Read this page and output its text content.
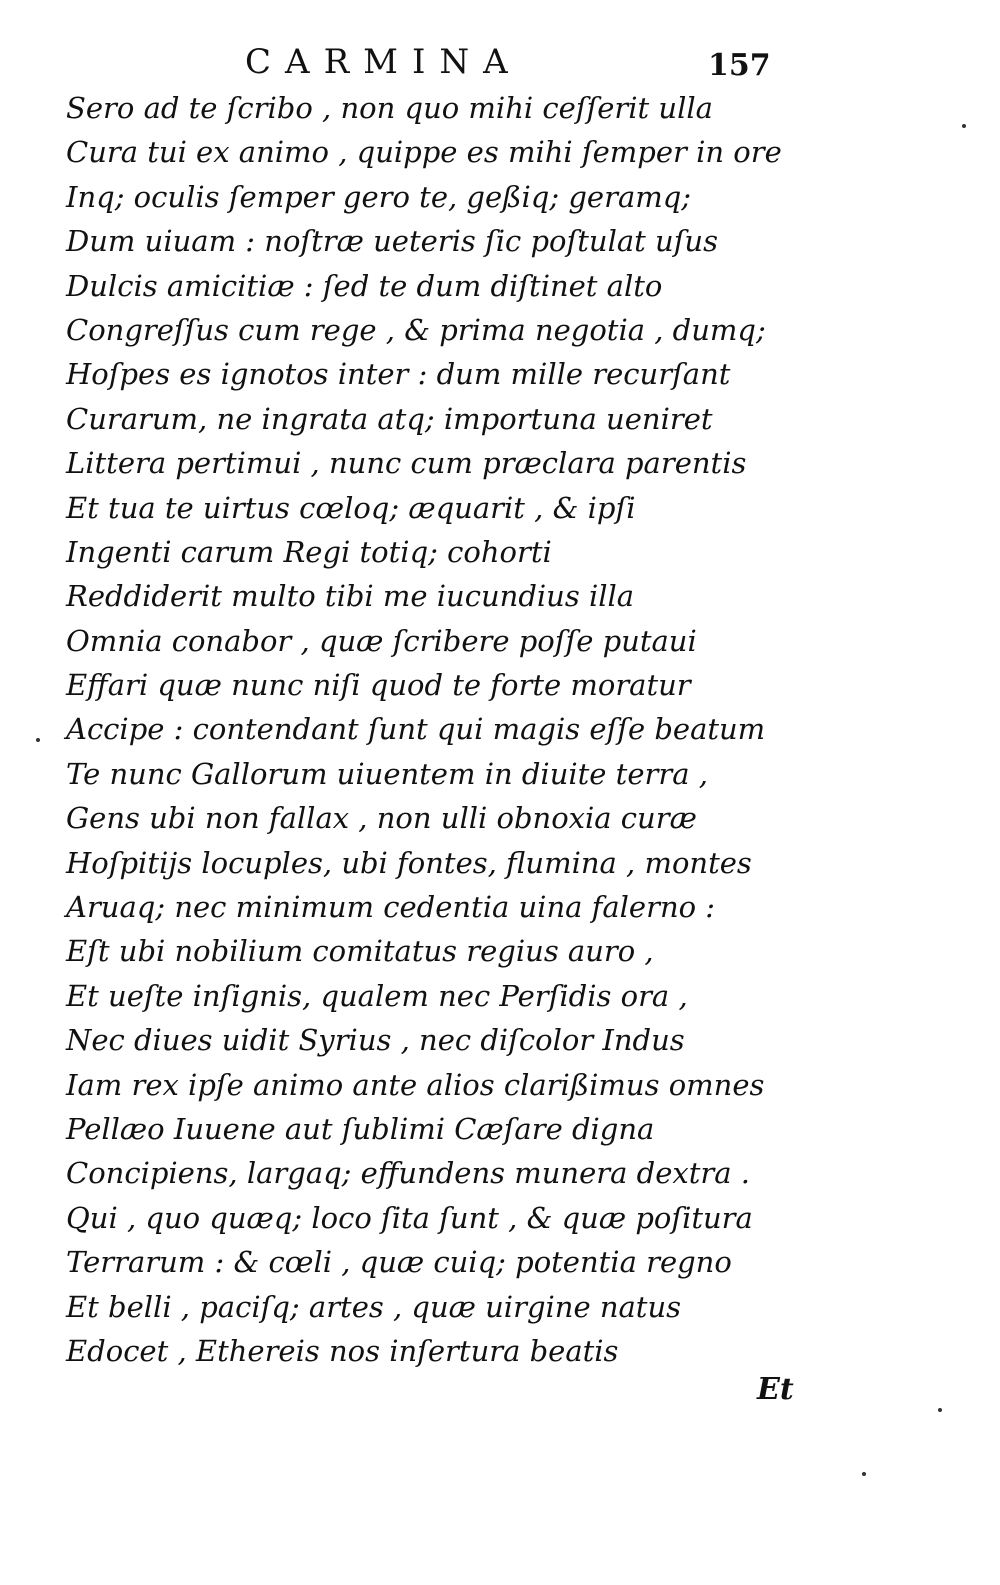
CARMINA	157
Sero ad te ſcribo , non quo mihi ceſſerit ulla
Cura tui ex animo , quippe es mihi ſemper in ore
Inq; oculis ſemper gero te, geßiq; geramq;
Dum uiuam : noſtræ ueteris ſic poſtulat uſus
Dulcis amicitiæ : ſed te dum diſtinet alto
Congreſſus cum rege , & prima negotia , dumq;
Hoſpes es ignotos inter : dum mille recurſant
Curarum, ne ingrata atq; importuna ueniret
Littera pertimui , nunc cum præclara parentis
Et tua te uirtus cœloq; æquarit , & ipſi
Ingenti carum Regi totiq; cohorti
Reddiderit multo tibi me iucundius illa
Omnia conabor , quæ ſcribere poſſe putaui
Effari quæ nunc niſi quod te forte moratur
Accipe : contendant ſunt qui magis eſſe beatum
Te nunc Gallorum uiuentem in diuite terra ,
Gens ubi non fallax , non ulli obnoxia curæ
Hoſpitijs locuples, ubi fontes, flumina , montes
Aruaq; nec minimum cedentia uina falerno :
Eſt ubi nobilium comitatus regius auro ,
Et ueſte inſignis, qualem nec Perſidis ora ,
Nec diues uidit Syrius , nec diſcolor Indus
Iam rex ipſe animo ante alios clarißimus omnes
Pellæo Iuuene aut ſublimi Cæſare digna
Concipiens, largaq; effundens munera dextra .
Qui , quo quæq; loco ſita ſunt , & quæ poſitura
Terrarum : & cœli , quæ cuiq; potentia regno
Et belli , paciſq; artes , quæ uirgine natus
Edocet , Ethereis nos inſertura beatis
Et
